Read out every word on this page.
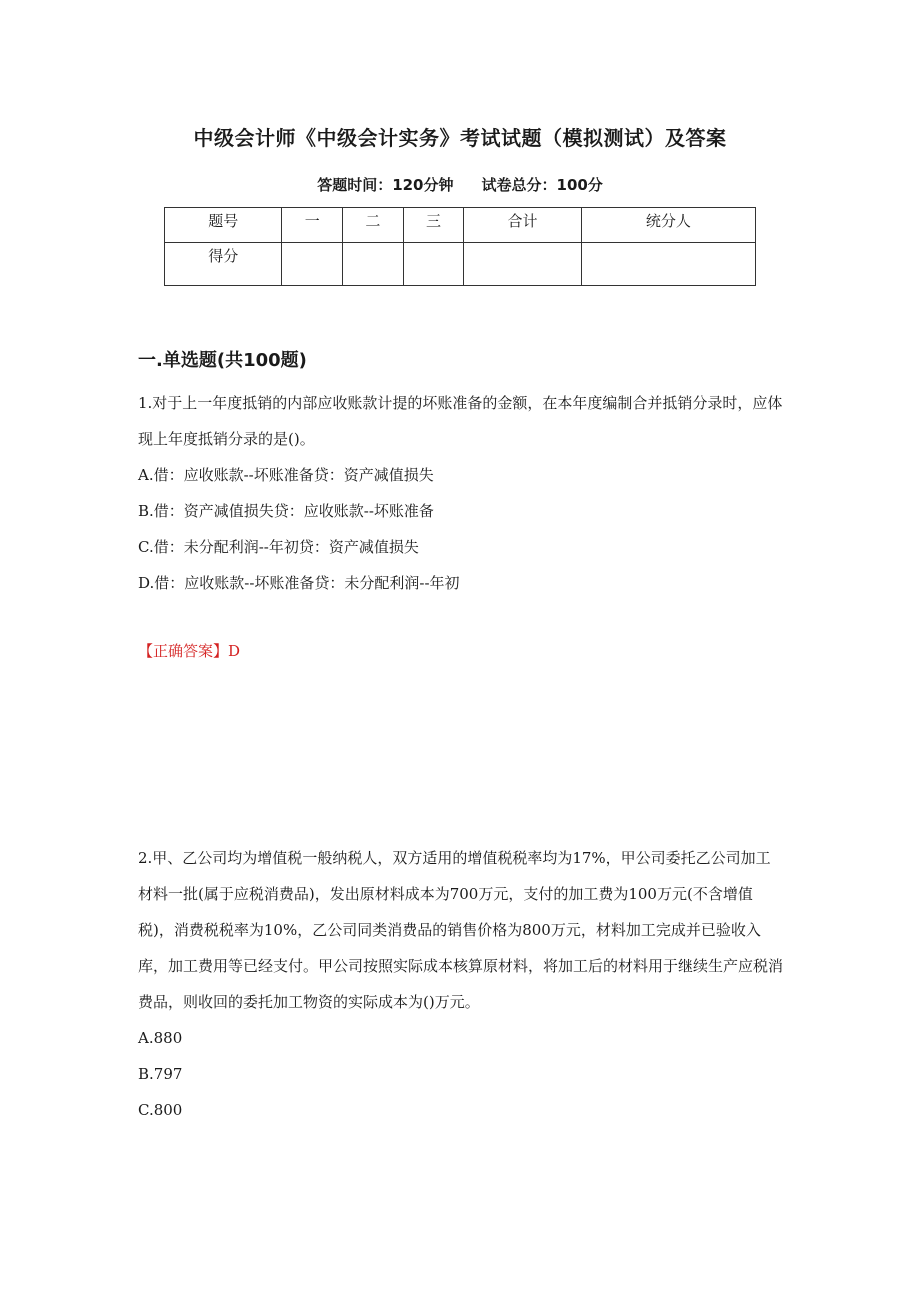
中级会计师《中级会计实务》考试试题（模拟测试）及答案
答题时间：120分钟 试卷总分：100分
题号	一	二	三	合计	统分人
得分					
一.单选题(共100题)

1.对于上一年度抵销的内部应收账款计提的坏账准备的金额，在本年度编制合并抵销分录时，应体现上年度抵销分录的是()。

A.借：应收账款--坏账准备贷：资产减值损失

B.借：资产减值损失贷：应收账款--坏账准备

C.借：未分配利润--年初贷：资产减值损失

D.借：应收账款--坏账准备贷：未分配利润--年初

【正确答案】D

2.甲、乙公司均为增值税一般纳税人，双方适用的增值税税率均为17%，甲公司委托乙公司加工材料一批(属于应税消费品)，发出原材料成本为700万元，支付的加工费为100万元(不含增值税)，消费税税率为10%，乙公司同类消费品的销售价格为800万元，材料加工完成并已验收入库，加工费用等已经支付。甲公司按照实际成本核算原材料，将加工后的材料用于继续生产应税消费品，则收回的委托加工物资的实际成本为()万元。

A.880

B.797

C.800
